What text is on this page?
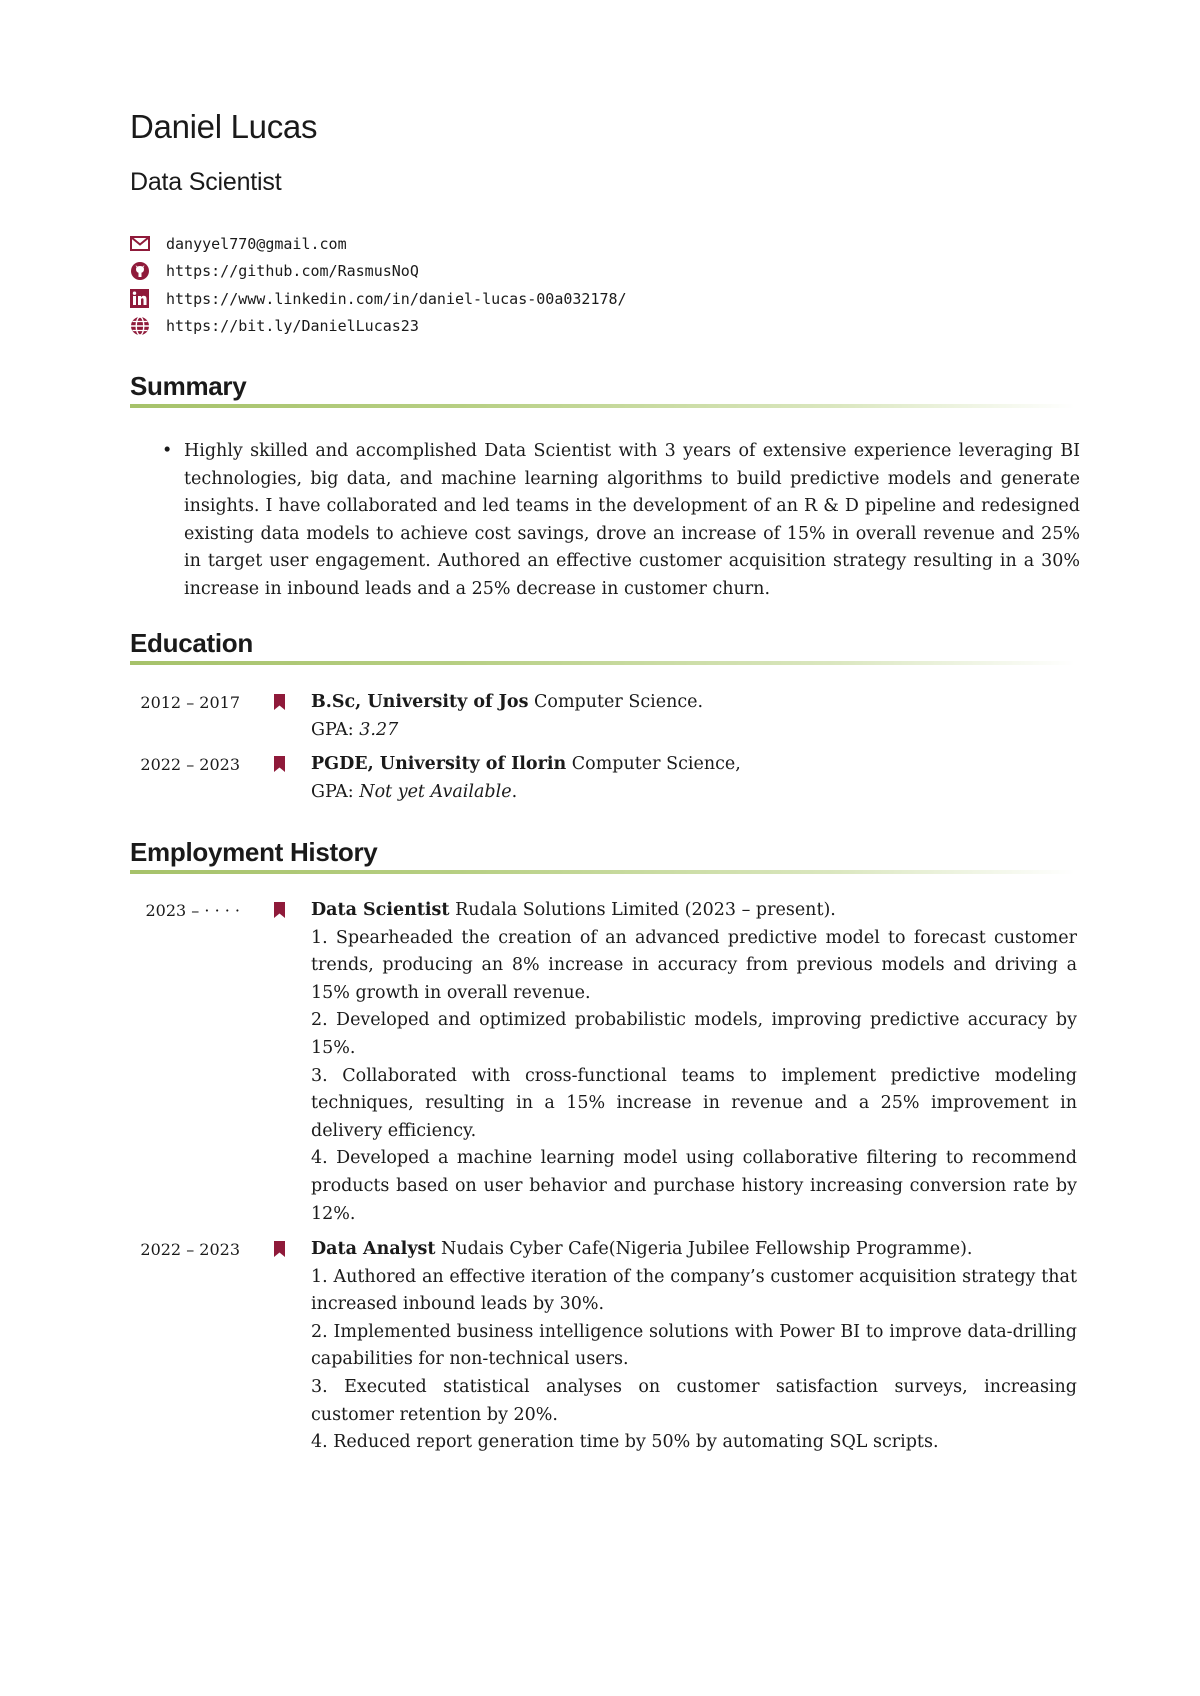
Daniel Lucas
Data Scientist
danyyel770@gmail.com
https://github.com/RasmusNoQ
https://www.linkedin.com/in/daniel-lucas-00a032178/
https://bit.ly/DanielLucas23
Summary
• Highly skilled and accomplished Data Scientist with 3 years of extensive experience leveraging BI technologies, big data, and machine learning algorithms to build predictive models and generate insights. I have collaborated and led teams in the development of an R & D pipeline and redesigned existing data models to achieve cost savings, drove an increase of 15% in overall revenue and 25% in target user engagement. Authored an effective customer acquisition strategy resulting in a 30% increase in inbound leads and a 25% decrease in customer churn.
Education
2012 – 2017	B.Sc, University of Jos Computer Science.
GPA: 3.27
2022 – 2023	PGDE, University of Ilorin Computer Science,
GPA: Not yet Available.
Employment History
2023 – · · · ·	Data Scientist Rudala Solutions Limited (2023 – present).
1. Spearheaded the creation of an advanced predictive model to forecast customer trends, producing an 8% increase in accuracy from previous models and driving a 15% growth in overall revenue.
2. Developed and optimized probabilistic models, improving predictive accuracy by 15%.
3. Collaborated with cross-functional teams to implement predictive modeling techniques, resulting in a 15% increase in revenue and a 25% improvement in delivery efficiency.
4. Developed a machine learning model using collaborative filtering to recommend products based on user behavior and purchase history increasing conversion rate by 12%.
2022 – 2023	Data Analyst Nudais Cyber Cafe(Nigeria Jubilee Fellowship Programme).
1. Authored an effective iteration of the company’s customer acquisition strategy that increased inbound leads by 30%.
2. Implemented business intelligence solutions with Power BI to improve data-drilling capabilities for non-technical users.
3. Executed statistical analyses on customer satisfaction surveys, increasing customer retention by 20%.
4. Reduced report generation time by 50% by automating SQL scripts.
